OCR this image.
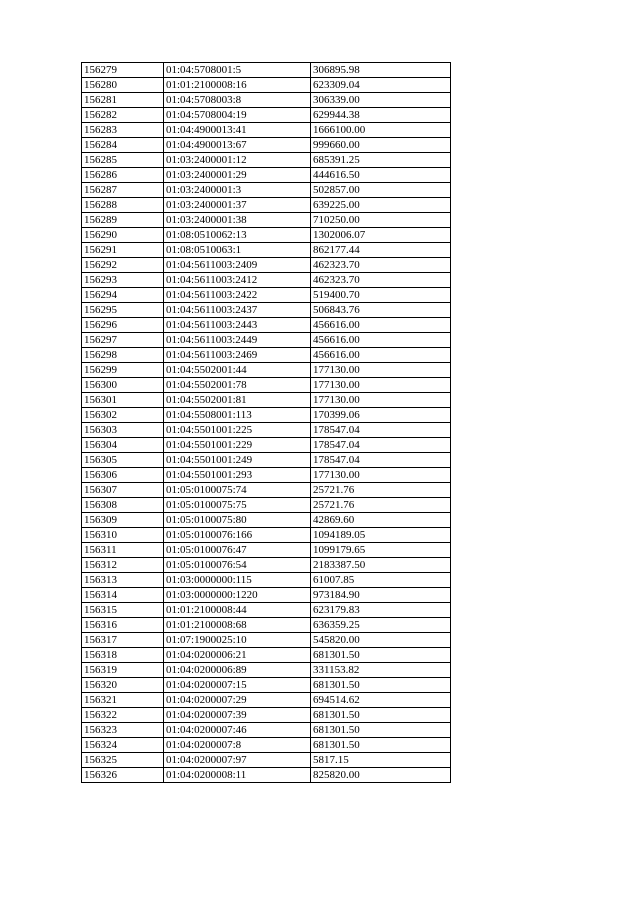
156279	01:04:5708001:5	306895.98
156280	01:01:2100008:16	623309.04
156281	01:04:5708003:8	306339.00
156282	01:04:5708004:19	629944.38
156283	01:04:4900013:41	1666100.00
156284	01:04:4900013:67	999660.00
156285	01:03:2400001:12	685391.25
156286	01:03:2400001:29	444616.50
156287	01:03:2400001:3	502857.00
156288	01:03:2400001:37	639225.00
156289	01:03:2400001:38	710250.00
156290	01:08:0510062:13	1302006.07
156291	01:08:0510063:1	862177.44
156292	01:04:5611003:2409	462323.70
156293	01:04:5611003:2412	462323.70
156294	01:04:5611003:2422	519400.70
156295	01:04:5611003:2437	506843.76
156296	01:04:5611003:2443	456616.00
156297	01:04:5611003:2449	456616.00
156298	01:04:5611003:2469	456616.00
156299	01:04:5502001:44	177130.00
156300	01:04:5502001:78	177130.00
156301	01:04:5502001:81	177130.00
156302	01:04:5508001:113	170399.06
156303	01:04:5501001:225	178547.04
156304	01:04:5501001:229	178547.04
156305	01:04:5501001:249	178547.04
156306	01:04:5501001:293	177130.00
156307	01:05:0100075:74	25721.76
156308	01:05:0100075:75	25721.76
156309	01:05:0100075:80	42869.60
156310	01:05:0100076:166	1094189.05
156311	01:05:0100076:47	1099179.65
156312	01:05:0100076:54	2183387.50
156313	01:03:0000000:115	61007.85
156314	01:03:0000000:1220	973184.90
156315	01:01:2100008:44	623179.83
156316	01:01:2100008:68	636359.25
156317	01:07:1900025:10	545820.00
156318	01:04:0200006:21	681301.50
156319	01:04:0200006:89	331153.82
156320	01:04:0200007:15	681301.50
156321	01:04:0200007:29	694514.62
156322	01:04:0200007:39	681301.50
156323	01:04:0200007:46	681301.50
156324	01:04:0200007:8	681301.50
156325	01:04:0200007:97	5817.15
156326	01:04:0200008:11	825820.00
